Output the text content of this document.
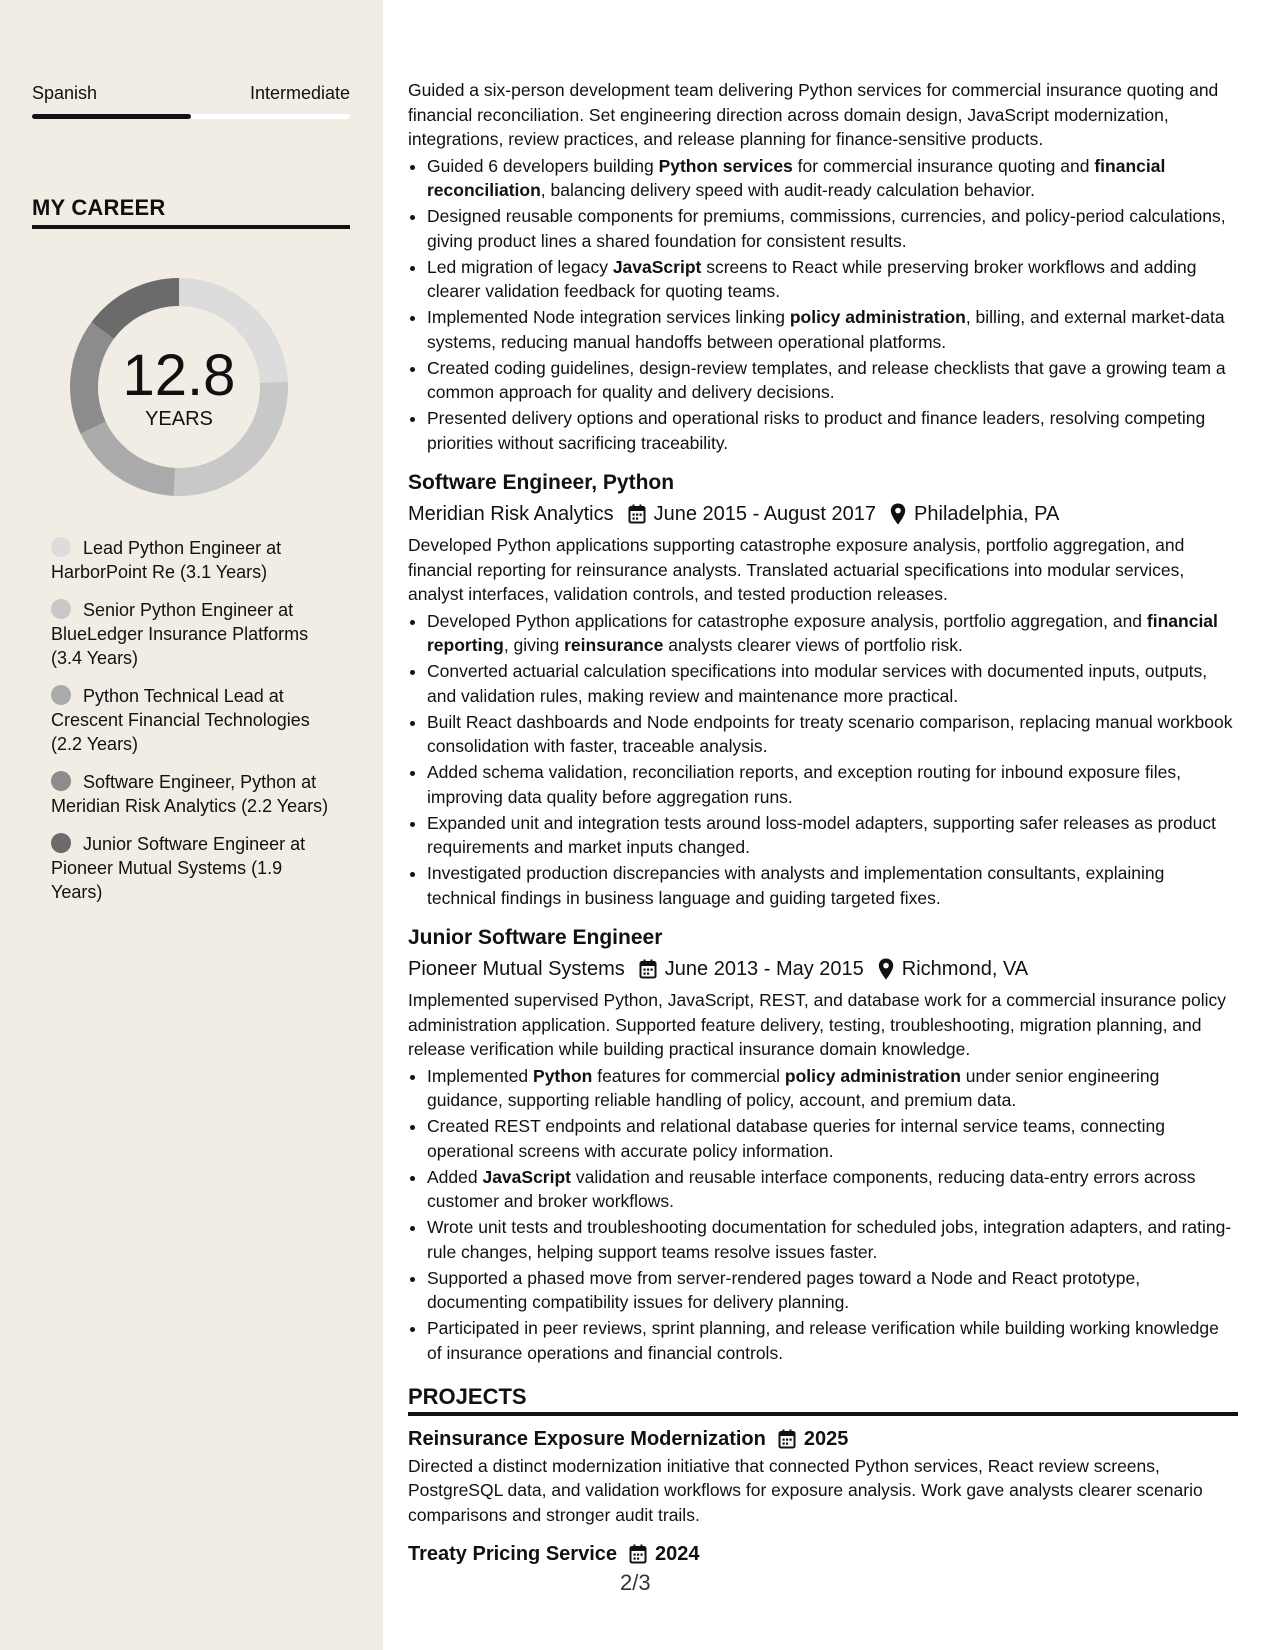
Spanish	Intermediate
MY CAREER
12.8
YEARS
Lead Python Engineer at HarborPoint Re (3.1 Years)
Senior Python Engineer at BlueLedger Insurance Platforms (3.4 Years)
Python Technical Lead at Crescent Financial Technologies (2.2 Years)
Software Engineer, Python at Meridian Risk Analytics (2.2 Years)
Junior Software Engineer at Pioneer Mutual Systems (1.9 Years)

Guided a six-person development team delivering Python services for commercial insurance quoting and financial reconciliation. Set engineering direction across domain design, JavaScript modernization, integrations, review practices, and release planning for finance-sensitive products.

• Guided 6 developers building Python services for commercial insurance quoting and financial reconciliation, balancing delivery speed with audit-ready calculation behavior.
• Designed reusable components for premiums, commissions, currencies, and policy-period calculations, giving product lines a shared foundation for consistent results.
• Led migration of legacy JavaScript screens to React while preserving broker workflows and adding clearer validation feedback for quoting teams.
• Implemented Node integration services linking policy administration, billing, and external market-data systems, reducing manual handoffs between operational platforms.
• Created coding guidelines, design-review templates, and release checklists that gave a growing team a common approach for quality and delivery decisions.
• Presented delivery options and operational risks to product and finance leaders, resolving competing priorities without sacrificing traceability.
Software Engineer, Python
Meridian Risk Analytics June 2015 - August 2017 Philadelphia, PA

Developed Python applications supporting catastrophe exposure analysis, portfolio aggregation, and financial reporting for reinsurance analysts. Translated actuarial specifications into modular services, analyst interfaces, validation controls, and tested production releases.

• Developed Python applications for catastrophe exposure analysis, portfolio aggregation, and financial reporting, giving reinsurance analysts clearer views of portfolio risk.
• Converted actuarial calculation specifications into modular services with documented inputs, outputs, and validation rules, making review and maintenance more practical.
• Built React dashboards and Node endpoints for treaty scenario comparison, replacing manual workbook consolidation with faster, traceable analysis.
• Added schema validation, reconciliation reports, and exception routing for inbound exposure files, improving data quality before aggregation runs.
• Expanded unit and integration tests around loss-model adapters, supporting safer releases as product requirements and market inputs changed.
• Investigated production discrepancies with analysts and implementation consultants, explaining technical findings in business language and guiding targeted fixes.
Junior Software Engineer
Pioneer Mutual Systems June 2013 - May 2015 Richmond, VA

Implemented supervised Python, JavaScript, REST, and database work for a commercial insurance policy administration application. Supported feature delivery, testing, troubleshooting, migration planning, and release verification while building practical insurance domain knowledge.

• Implemented Python features for commercial policy administration under senior engineering guidance, supporting reliable handling of policy, account, and premium data.
• Created REST endpoints and relational database queries for internal service teams, connecting operational screens with accurate policy information.
• Added JavaScript validation and reusable interface components, reducing data-entry errors across customer and broker workflows.
• Wrote unit tests and troubleshooting documentation for scheduled jobs, integration adapters, and rating-rule changes, helping support teams resolve issues faster.
• Supported a phased move from server-rendered pages toward a Node and React prototype, documenting compatibility issues for delivery planning.
• Participated in peer reviews, sprint planning, and release verification while building working knowledge of insurance operations and financial controls.
PROJECTS
Reinsurance Exposure Modernization 2025

Directed a distinct modernization initiative that connected Python services, React review screens, PostgreSQL data, and validation workflows for exposure analysis. Work gave analysts clearer scenario comparisons and stronger audit trails.

Treaty Pricing Service 2024
2/3
